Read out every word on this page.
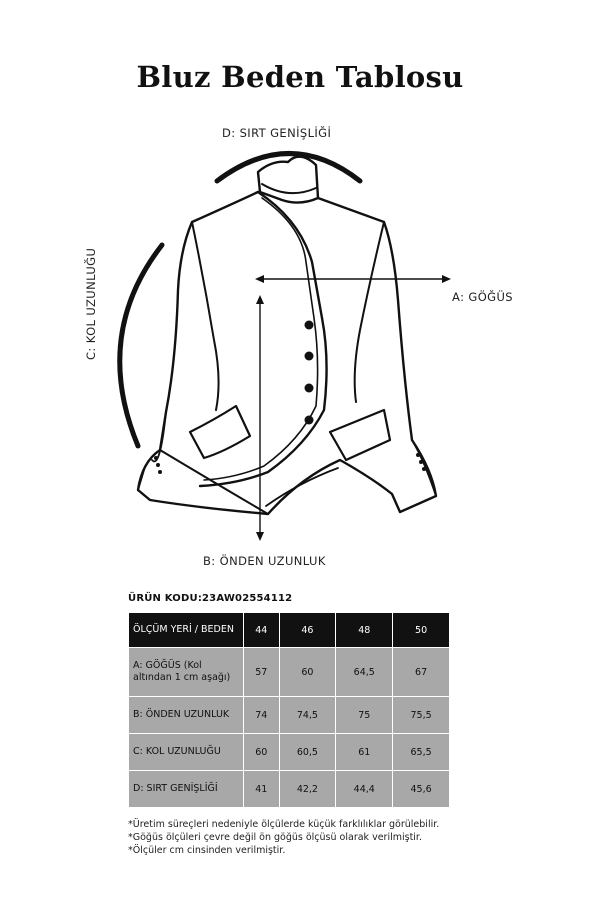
Bluz Beden Tablosu
D: SIRT GENİŞLİĞİ
A: GÖĞÜS
B: ÖNDEN UZUNLUK
C: KOL UZUNLUĞU
ÜRÜN KODU:23AW02554112
ÖLÇÜM YERİ / BEDEN	44	46	48	50
A: GÖĞÜS (Kol altından 1 cm aşağı)	57	60	64,5	67
B: ÖNDEN UZUNLUK	74	74,5	75	75,5
C: KOL UZUNLUĞU	60	60,5	61	65,5
D: SIRT GENİŞLİĞİ	41	42,2	44,4	45,6
*Üretim süreçleri nedeniyle ölçülerde küçük farklılıklar görülebilir.
*Göğüs ölçüleri çevre değil ön göğüs ölçüsü olarak verilmiştir.
*Ölçüler cm cinsinden verilmiştir.
